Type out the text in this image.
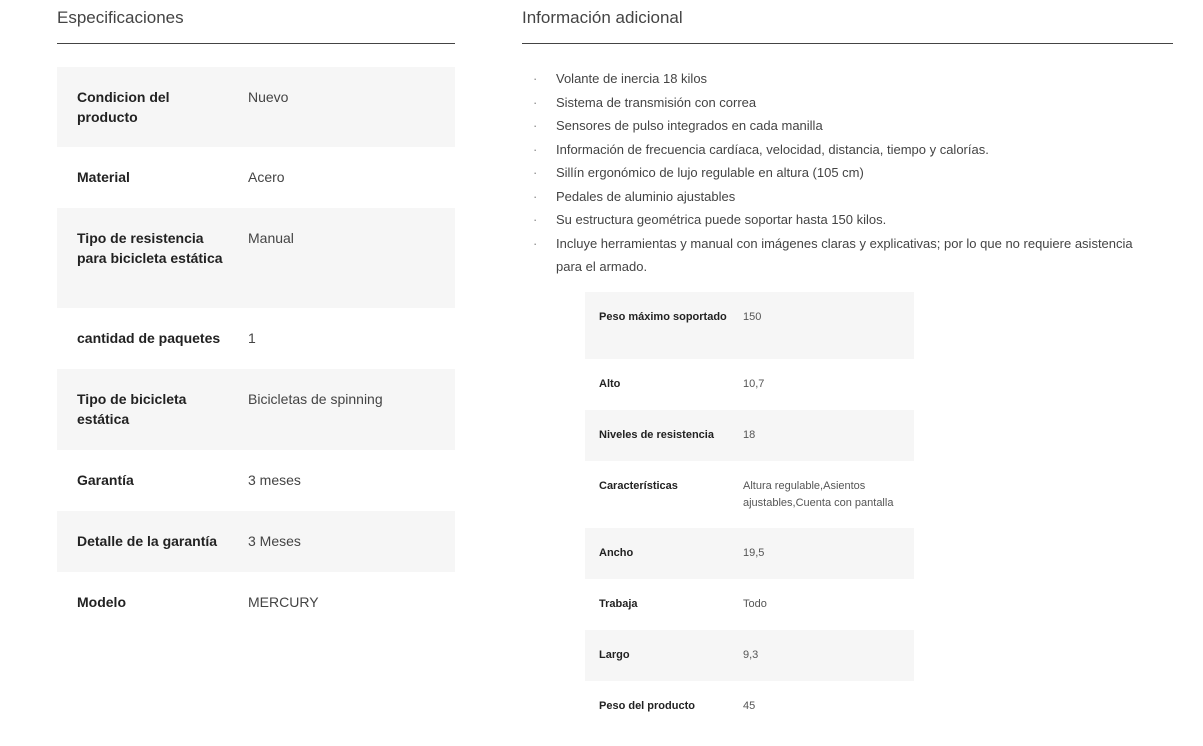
Especificaciones
Condicion del producto	Nuevo
Material	Acero
Tipo de resistencia para bicicleta estática	Manual
cantidad de paquetes	1
Tipo de bicicleta estática	Bicicletas de spinning
Garantía	3 meses
Detalle de la garantía	3 Meses
Modelo	MERCURY
Información adicional
· Volante de inercia 18 kilos
· Sistema de transmisión con correa
· Sensores de pulso integrados en cada manilla
· Información de frecuencia cardíaca, velocidad, distancia, tiempo y calorías.
· Sillín ergonómico de lujo regulable en altura (105 cm)
· Pedales de aluminio ajustables
· Su estructura geométrica puede soportar hasta 150 kilos.
· Incluye herramientas y manual con imágenes claras y explicativas; por lo que no requiere asistencia para el armado.
Peso máximo soportado	150
Alto	10,7
Niveles de resistencia	18
Características	Altura regulable,Asientos ajustables,Cuenta con pantalla
Ancho	19,5
Trabaja	Todo
Largo	9,3
Peso del producto	45
